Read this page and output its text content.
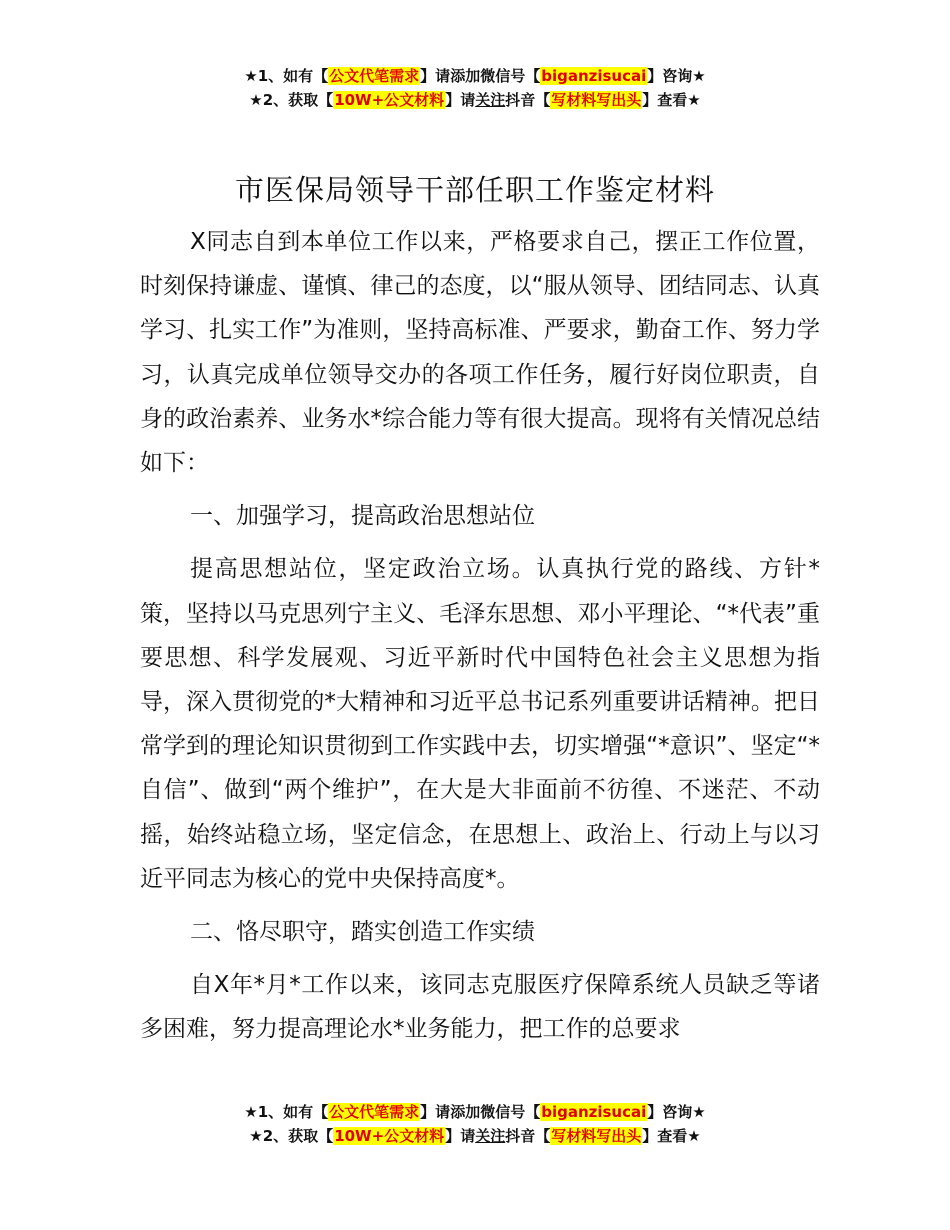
★1、如有【公文代笔需求】请添加微信号【biganzisucai】咨询★
★2、获取【10W+公文材料】请关注抖音【写材料写出头】查看★
市医保局领导干部任职工作鉴定材料

X同志自到本单位工作以来，严格要求自己，摆正工作位置，时刻保持谦虚、谨慎、律己的态度，以“服从领导、团结同志、认真学习、扎实工作”为准则，坚持高标准、严要求，勤奋工作、努力学习，认真完成单位领导交办的各项工作任务，履行好岗位职责，自身的政治素养、业务水*综合能力等有很大提高。现将有关情况总结如下：

一、加强学习，提高政治思想站位

提高思想站位，坚定政治立场。认真执行党的路线、方针*策，坚持以马克思列宁主义、毛泽东思想、邓小平理论、“*代表”重要思想、科学发展观、习近平新时代中国特色社会主义思想为指导，深入贯彻党的*大精神和习近平总书记系列重要讲话精神。把日常学到的理论知识贯彻到工作实践中去，切实增强“*意识”、坚定“*自信”、做到“两个维护”，在大是大非面前不彷徨、不迷茫、不动摇，始终站稳立场，坚定信念，在思想上、政治上、行动上与以习近平同志为核心的党中央保持高度*。

二、恪尽职守，踏实创造工作实绩

自X年*月*工作以来，该同志克服医疗保障系统人员缺乏等诸多困难，努力提高理论水*业务能力，把工作的总要求

★1、如有【公文代笔需求】请添加微信号【biganzisucai】咨询★
★2、获取【10W+公文材料】请关注抖音【写材料写出头】查看★
